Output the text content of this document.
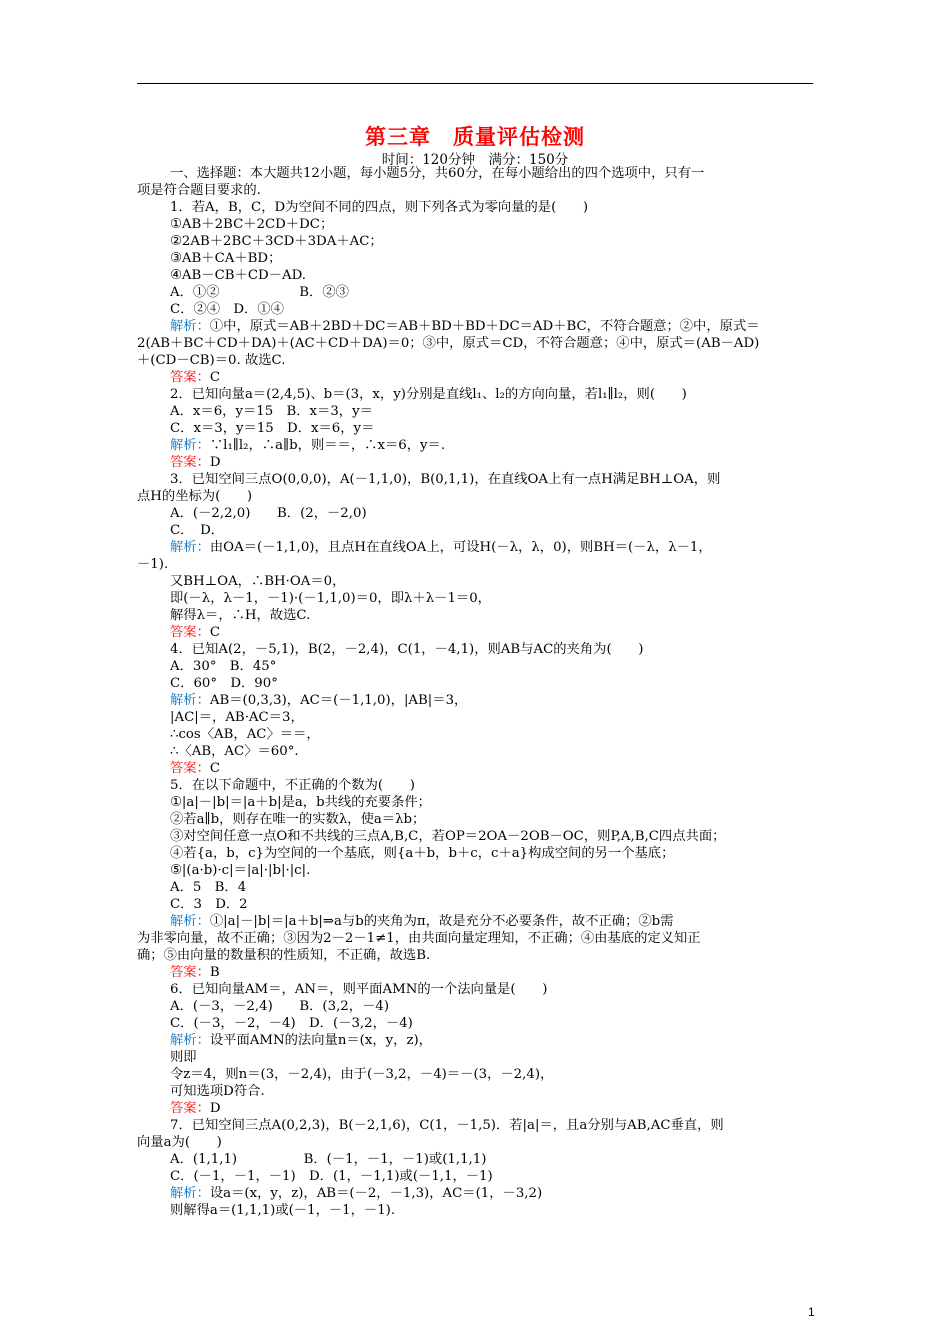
第三章　质量评估检测
时间：120分钟　满分：150分
一、选择题：本大题共12小题，每小题5分，共60分，在每小题给出的四个选项中，只有一
项是符合题目要求的.
1．若A，B，C，D为空间不同的四点，则下列各式为零向量的是(　　)
①AB＋2BC＋2CD＋DC；
②2AB＋2BC＋3CD＋3DA＋AC；
③AB＋CA＋BD；
④AB－CB＋CD－AD.
A．①②　　　　　　B．②③
C．②④　D．①④
解析：①中，原式＝AB＋2BD＋DC＝AB＋BD＋BD＋DC＝AD＋BC，不符合题意；②中，原式＝
2(AB＋BC＋CD＋DA)＋(AC＋CD＋DA)＝0；③中，原式＝CD，不符合题意；④中，原式＝(AB－AD)
＋(CD－CB)＝0. 故选C.
答案：C
2．已知向量a＝(2,4,5)、b＝(3，x，y)分别是直线l₁、l₂的方向向量，若l₁∥l₂，则(　　)
A．x＝6，y＝15　B．x＝3，y＝
C．x＝3，y＝15　D．x＝6，y＝
解析：∵l₁∥l₂，∴a∥b，则＝＝，∴x＝6，y＝.
答案：D
3．已知空间三点O(0,0,0)，A(－1,1,0)，B(0,1,1)，在直线OA上有一点H满足BH⊥OA，则
点H的坐标为(　　)
A．(－2,2,0)　　B．(2，－2,0)
C．　D．
解析：由OA＝(－1,1,0)，且点H在直线OA上，可设H(－λ，λ，0)，则BH＝(－λ，λ－1，
－1).
又BH⊥OA，∴BH·OA＝0，
即(－λ，λ－1，－1)·(－1,1,0)＝0，即λ＋λ－1＝0，
解得λ＝，∴H，故选C.
答案：C
4．已知A(2，－5,1)，B(2，－2,4)，C(1，－4,1)，则AB与AC的夹角为(　　)
A．30°　B．45°
C．60°　D．90°
解析：AB＝(0,3,3)，AC＝(－1,1,0)，|AB|＝3，
|AC|＝，AB·AC＝3，
∴cos〈AB，AC〉＝＝，
∴〈AB，AC〉＝60°.
答案：C
5．在以下命题中，不正确的个数为(　　)
①|a|－|b|＝|a＋b|是a，b共线的充要条件；
②若a∥b，则存在唯一的实数λ，使a＝λb；
③对空间任意一点O和不共线的三点A,B,C，若OP＝2OA－2OB－OC，则P,A,B,C四点共面；
④若{a，b，c}为空间的一个基底，则{a＋b，b＋c，c＋a}构成空间的另一个基底；
⑤|(a·b)·c|＝|a|·|b|·|c|.
A．5　B．4
C．3　D．2
解析：①|a|－|b|＝|a＋b|⇒a与b的夹角为π，故是充分不必要条件，故不正确；②b需
为非零向量，故不正确；③因为2－2－1≠1，由共面向量定理知，不正确；④由基底的定义知正
确；⑤由向量的数量积的性质知，不正确，故选B.
答案：B
6．已知向量AM＝，AN＝，则平面AMN的一个法向量是(　　)
A．(－3，－2,4)　　B．(3,2，－4)
C．(－3，－2，－4)　D．(－3,2，－4)
解析：设平面AMN的法向量n＝(x，y，z)，
则即
令z＝4，则n＝(3，－2,4)，由于(－3,2，－4)＝－(3，－2,4)，
可知选项D符合.
答案：D
7．已知空间三点A(0,2,3)，B(－2,1,6)，C(1，－1,5)．若|a|＝，且a分别与AB,AC垂直，则
向量a为(　　)
A．(1,1,1)　　　　　B．(－1，－1，－1)或(1,1,1)
C．(－1，－1，－1)　D．(1，－1,1)或(－1,1，－1)
解析：设a＝(x，y，z)，AB＝(－2，－1,3)，AC＝(1，－3,2)
则解得a＝(1,1,1)或(－1，－1，－1).
1
